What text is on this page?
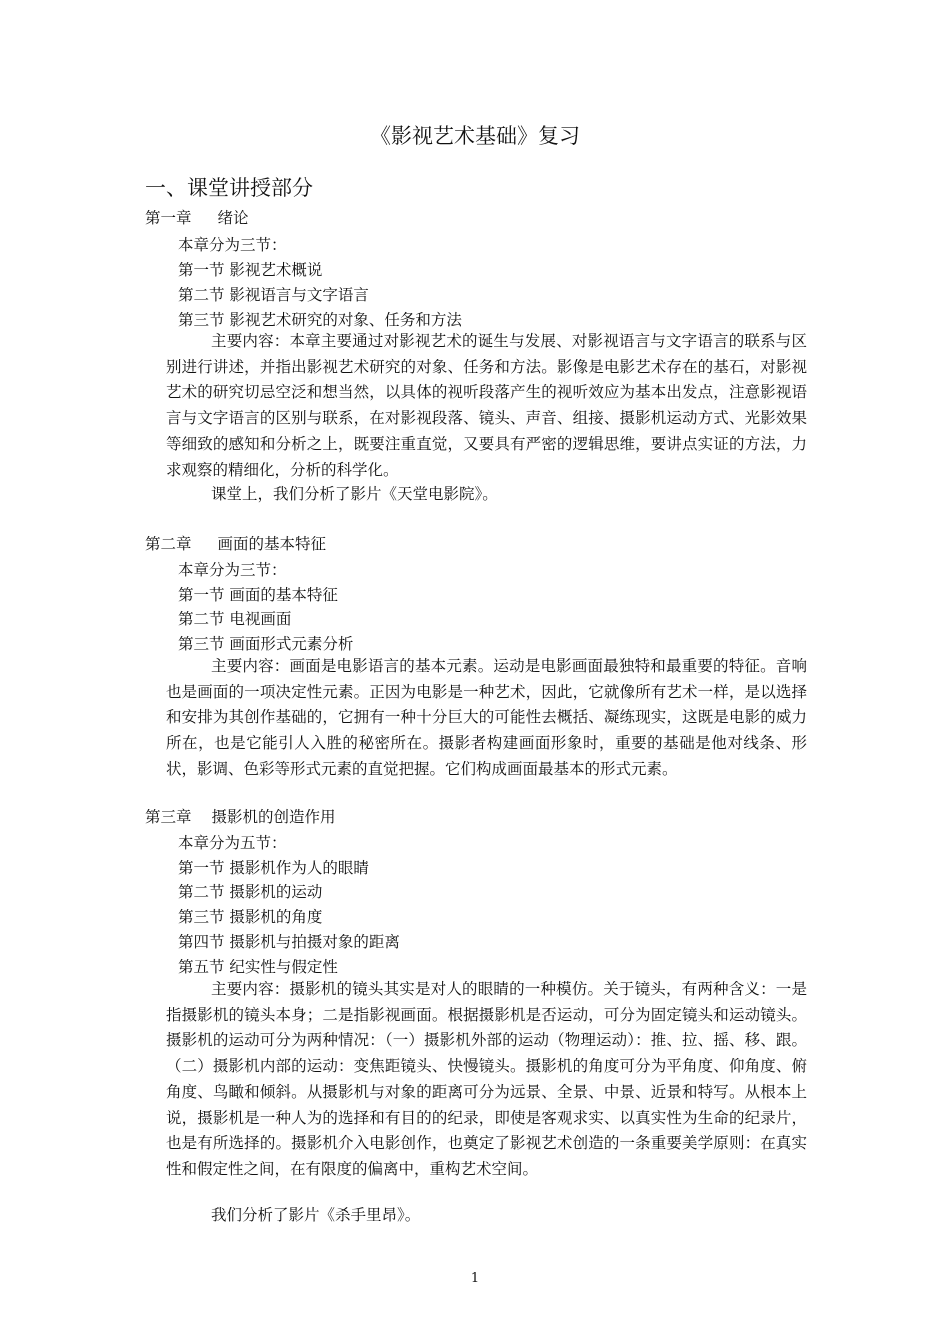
《影视艺术基础》复习
一、课堂讲授部分
第一章 绪论
本章分为三节：
第一节 影视艺术概说
第二节 影视语言与文字语言
第三节 影视艺术研究的对象、任务和方法
主要内容：本章主要通过对影视艺术的诞生与发展、对影视语言与文字语言的联系与区别进行讲述，并指出影视艺术研究的对象、任务和方法。影像是电影艺术存在的基石，对影视艺术的研究切忌空泛和想当然，以具体的视听段落产生的视听效应为基本出发点，注意影视语言与文字语言的区别与联系，在对影视段落、镜头、声音、组接、摄影机运动方式、光影效果等细致的感知和分析之上，既要注重直觉，又要具有严密的逻辑思维，要讲点实证的方法，力求观察的精细化，分析的科学化。
课堂上，我们分析了影片《天堂电影院》。
第二章 画面的基本特征
本章分为三节：
第一节 画面的基本特征
第二节 电视画面
第三节 画面形式元素分析
主要内容：画面是电影语言的基本元素。运动是电影画面最独特和最重要的特征。音响也是画面的一项决定性元素。正因为电影是一种艺术，因此，它就像所有艺术一样，是以选择和安排为其创作基础的，它拥有一种十分巨大的可能性去概括、凝练现实，这既是电影的威力所在，也是它能引人入胜的秘密所在。摄影者构建画面形象时，重要的基础是他对线条、形状，影调、色彩等形式元素的直觉把握。它们构成画面最基本的形式元素。
第三章 摄影机的创造作用
本章分为五节：
第一节 摄影机作为人的眼睛
第二节 摄影机的运动
第三节 摄影机的角度
第四节 摄影机与拍摄对象的距离
第五节 纪实性与假定性
主要内容：摄影机的镜头其实是对人的眼睛的一种模仿。关于镜头，有两种含义：一是指摄影机的镜头本身；二是指影视画面。根据摄影机是否运动，可分为固定镜头和运动镜头。摄影机的运动可分为两种情况：（一）摄影机外部的运动（物理运动）：推、拉、摇、移、跟。（二）摄影机内部的运动：变焦距镜头、快慢镜头。摄影机的角度可分为平角度、仰角度、俯角度、鸟瞰和倾斜。从摄影机与对象的距离可分为远景、全景、中景、近景和特写。从根本上说，摄影机是一种人为的选择和有目的的纪录，即使是客观求实、以真实性为生命的纪录片，也是有所选择的。摄影机介入电影创作，也奠定了影视艺术创造的一条重要美学原则：在真实性和假定性之间，在有限度的偏离中，重构艺术空间。
我们分析了影片《杀手里昂》。
1
